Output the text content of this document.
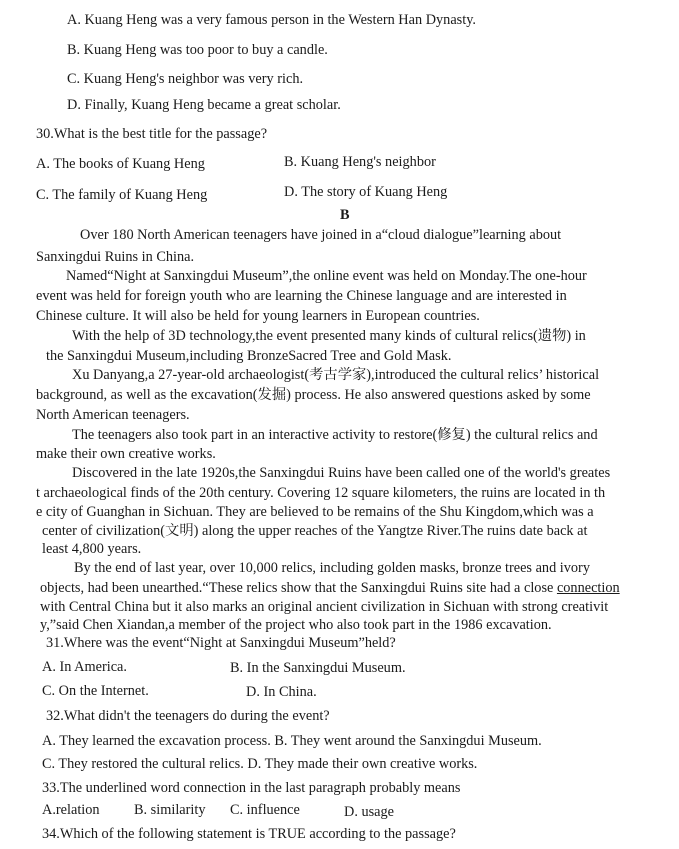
A. Kuang Heng was a very famous person in the Western Han Dynasty.
B. Kuang Heng was too poor to buy a candle.
C. Kuang Heng's neighbor was very rich.
D. Finally, Kuang Heng became a great scholar.
30.What is the best title for the passage?
A. The books of Kuang Heng	B. Kuang Heng's neighbor
C. The family of Kuang Heng	D. The story of Kuang Heng
B
Over 180 North American teenagers have joined in a“cloud dialogue”learning about
Sanxingdui Ruins in China.
Named“Night at Sanxingdui Museum”,the online event was held on Monday.The one-hour
event was held for foreign youth who are learning the Chinese language and are interested in
Chinese culture. It will also be held for young learners in European countries.
With the help of 3D technology,the event presented many kinds of cultural relics(遗物) in
the Sanxingdui Museum,including BronzeSacred Tree and Gold Mask.
Xu Danyang,a 27-year-old archaeologist(考古学家),introduced the cultural relics’ historical
background, as well as the excavation(发掘) process. He also answered questions asked by some
North American teenagers.
The teenagers also took part in an interactive activity to restore(修复) the cultural relics and
make their own creative works.
Discovered in the late 1920s,the Sanxingdui Ruins have been called one of the world's greates
t archaeological finds of the 20th century. Covering 12 square kilometers, the ruins are located in th
e city of Guanghan in Sichuan. They are believed to be remains of the Shu Kingdom,which was a
center of civilization(文明) along the upper reaches of the Yangtze River.The ruins date back at
least 4,800 years.
By the end of last year, over 10,000 relics, including golden masks, bronze trees and ivory
objects, had been unearthed.“These relics show that the Sanxingdui Ruins site had a close connection
with Central China but it also marks an original ancient civilization in Sichuan with strong creativit
y,”said Chen Xiandan,a member of the project who also took part in the 1986 excavation.
31.Where was the event“Night at Sanxingdui Museum”held?
A. In America.	B. In the Sanxingdui Museum.
C. On the Internet.	D. In China.
32.What didn't the teenagers do during the event?
A. They learned the excavation process. B. They went around the Sanxingdui Museum.
C. They restored the cultural relics. D. They made their own creative works.
33.The underlined word connection in the last paragraph probably means
A.relation B. similarity C. influence	D. usage
34.Which of the following statement is TRUE according to the passage?
